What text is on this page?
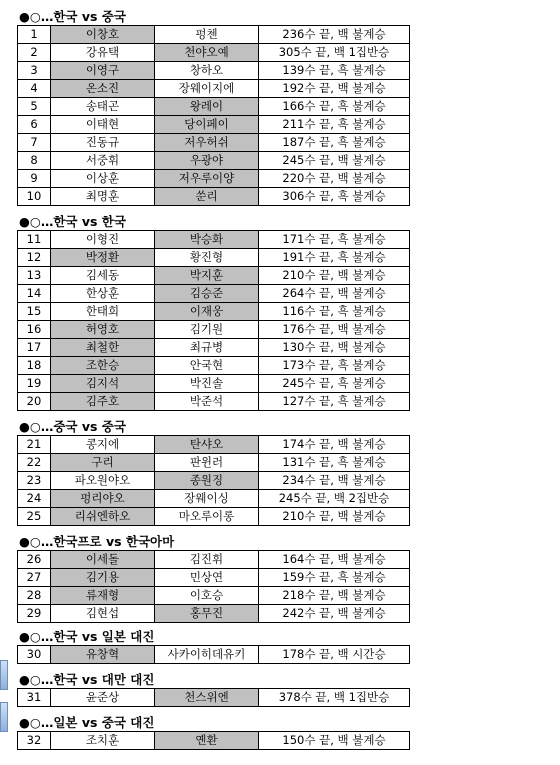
●○…한국 vs 중국
1	이창호	펑첸	236수 끝, 백 불계승
2	강유택	천야오예	305수 끝, 백 1집반승
3	이영구	창하오	139수 끝, 흑 불계승
4	온소진	장웨이지에	192수 끝, 백 불계승
5	송태곤	왕레이	166수 끝, 흑 불계승
6	이태현	당이페이	211수 끝, 흑 불계승
7	진동규	저우허쉬	187수 끝, 흑 불계승
8	서중휘	우광야	245수 끝, 백 불계승
9	이상훈	저우루이양	220수 끝, 백 불계승
10	최명훈	쑨리	306수 끝, 흑 불계승
●○…한국 vs 한국
11	이형진	박승화	171수 끝, 흑 불계승
12	박정환	황진형	191수 끝, 흑 불계승
13	김세동	박지훈	210수 끝, 백 불계승
14	한상훈	김승준	264수 끝, 백 불계승
15	한태희	이재웅	116수 끝, 흑 불계승
16	허영호	김기원	176수 끝, 백 불계승
17	최철한	최규병	130수 끝, 백 불계승
18	조한승	안국현	173수 끝, 흑 불계승
19	김지석	박진솔	245수 끝, 흑 불계승
20	김주호	박준석	127수 끝, 흑 불계승
●○…중국 vs 중국
21	콩지에	탄샤오	174수 끝, 백 불계승
22	구리	판윈러	131수 끝, 흑 불계승
23	파오원야오	종원징	234수 끝, 백 불계승
24	펑리야오	장웨이싱	245수 끝, 백 2집반승
25	리쉬엔하오	마오루이롱	210수 끝, 백 불계승
●○…한국프로 vs 한국아마
26	이세돌	김진휘	164수 끝, 백 불계승
27	김기용	민상연	159수 끝, 흑 불계승
28	류재형	이호승	218수 끝, 백 불계승
29	김현섭	홍무진	242수 끝, 백 불계승
●○…한국 vs 일본 대진
30	유창혁	사카이히데유키	178수 끝, 백 시간승
●○…한국 vs 대만 대진
31	윤준상	천스위엔	378수 끝, 백 1집반승
●○…일본 vs 중국 대진
32	조치훈	옌환	150수 끝, 백 불계승
